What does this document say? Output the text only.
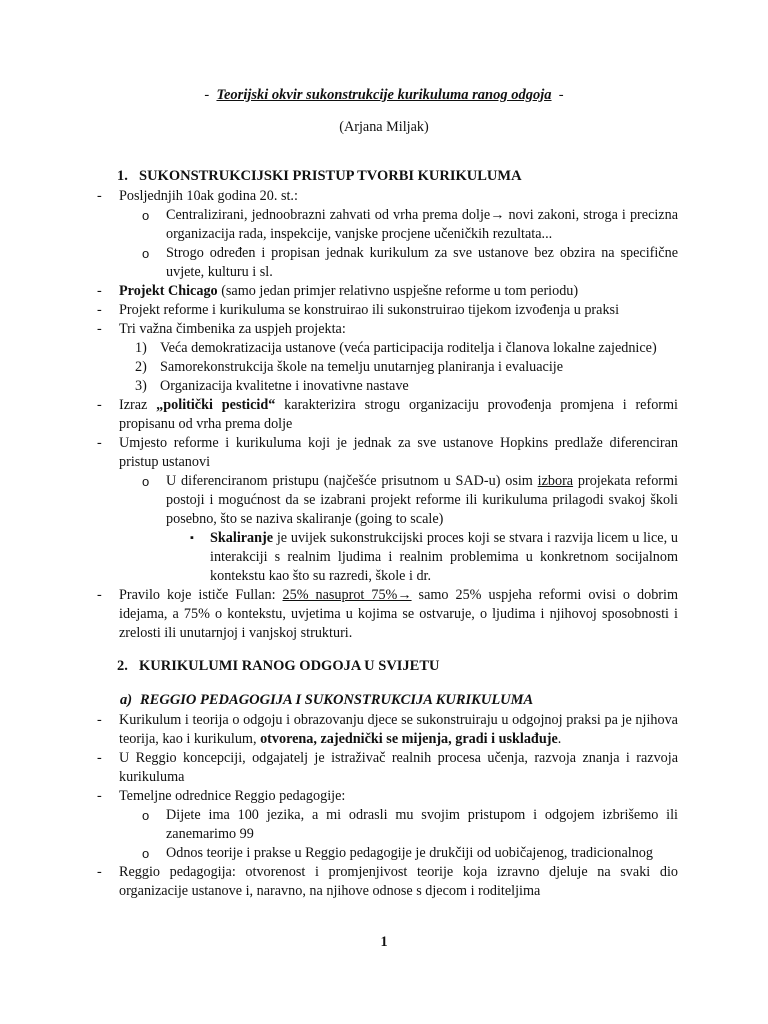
- Teorijski okvir sukonstrukcije kurikuluma ranog odgoja -
(Arjana Miljak)
1. SUKONSTRUKCIJSKI PRISTUP TVORBI KURIKULUMA
- Posljednjih 10ak godina 20. st.:
o Centralizirani, jednoobrazni zahvati od vrha prema dolje→ novi zakoni, stroga i precizna organizacija rada, inspekcije, vanjske procjene učeničkih rezultata...
o Strogo određen i propisan jednak kurikulum za sve ustanove bez obzira na specifične uvjete, kulturu i sl.
- Projekt Chicago (samo jedan primjer relativno uspješne reforme u tom periodu)
- Projekt reforme i kurikuluma se konstruirao ili sukonstruirao tijekom izvođenja u praksi
- Tri važna čimbenika za uspjeh projekta:
1) Veća demokratizacija ustanove (veća participacija roditelja i članova lokalne zajednice)
2) Samorekonstrukcija škole na temelju unutarnjeg planiranja i evaluacije
3) Organizacija kvalitetne i inovativne nastave
- Izraz „politički pesticid“ karakterizira strogu organizaciju provođenja promjena i reformi propisanu od vrha prema dolje
- Umjesto reforme i kurikuluma koji je jednak za sve ustanove Hopkins predlaže diferenciran pristup ustanovi
o U diferenciranom pristupu (najčešće prisutnom u SAD-u) osim izbora projekata reformi postoji i mogućnost da se izabrani projekt reforme ili kurikuluma prilagodi svakoj školi posebno, što se naziva skaliranje (going to scale)
▪ Skaliranje je uvijek sukonstrukcijski proces koji se stvara i razvija licem u lice, u interakciji s realnim ljudima i realnim problemima u konkretnom socijalnom kontekstu kao što su razredi, škole i dr.
- Pravilo koje ističe Fullan: 25% nasuprot 75%→ samo 25% uspjeha reformi ovisi o dobrim idejama, a 75% o kontekstu, uvjetima u kojima se ostvaruje, o ljudima i njihovoj sposobnosti i zrelosti ili unutarnjoj i vanjskoj strukturi.
2. KURIKULUMI RANOG ODGOJA U SVIJETU
a) REGGIO PEDAGOGIJA I SUKONSTRUKCIJA KURIKULUMA
- Kurikulum i teorija o odgoju i obrazovanju djece se sukonstruiraju u odgojnoj praksi pa je njihova teorija, kao i kurikulum, otvorena, zajednički se mijenja, gradi i usklađuje.
- U Reggio koncepciji, odgajatelj je istraživač realnih procesa učenja, razvoja znanja i razvoja kurikuluma
- Temeljne odrednice Reggio pedagogije:
o Dijete ima 100 jezika, a mi odrasli mu svojim pristupom i odgojem izbrišemo ili zanemarimo 99
o Odnos teorije i prakse u Reggio pedagogije je drukčiji od uobičajenog, tradicionalnog
- Reggio pedagogija: otvorenost i promjenjivost teorije koja izravno djeluje na svaki dio organizacije ustanove i, naravno, na njihove odnose s djecom i roditeljima
1
